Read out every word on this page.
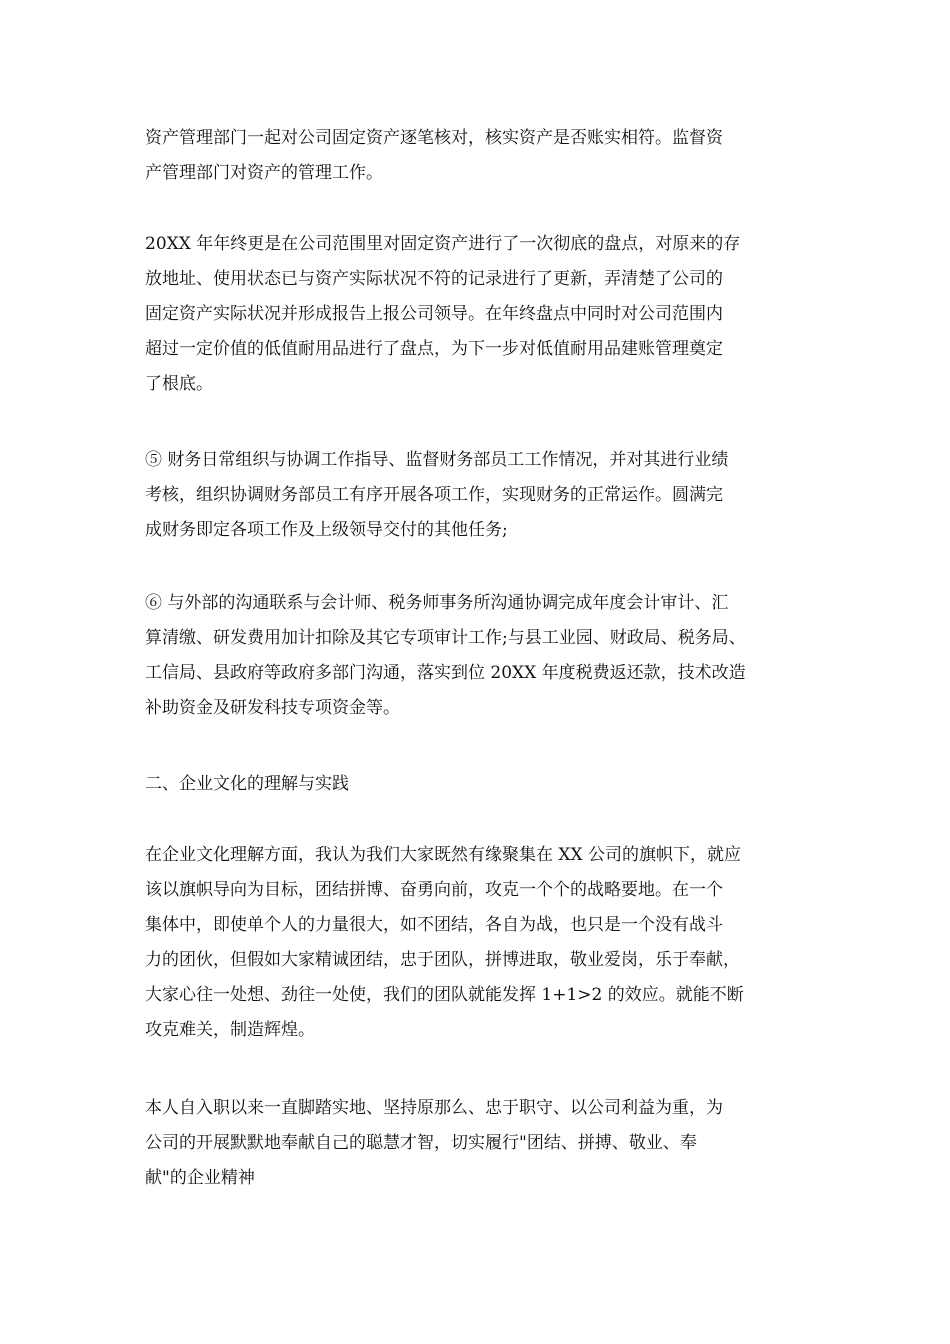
资产管理部门一起对公司固定资产逐笔核对，核实资产是否账实相符。监督资
产管理部门对资产的管理工作。
20XX 年年终更是在公司范围里对固定资产进行了一次彻底的盘点，对原来的存
放地址、使用状态已与资产实际状况不符的记录进行了更新，弄清楚了公司的
固定资产实际状况并形成报告上报公司领导。在年终盘点中同时对公司范围内
超过一定价值的低值耐用品进行了盘点，为下一步对低值耐用品建账管理奠定
了根底。
⑤ 财务日常组织与协调工作指导、监督财务部员工工作情况，并对其进行业绩
考核，组织协调财务部员工有序开展各项工作，实现财务的正常运作。圆满完
成财务即定各项工作及上级领导交付的其他任务;
⑥ 与外部的沟通联系与会计师、税务师事务所沟通协调完成年度会计审计、汇
算清缴、研发费用加计扣除及其它专项审计工作;与县工业园、财政局、税务局、
工信局、县政府等政府多部门沟通，落实到位 20XX 年度税费返还款，技术改造
补助资金及研发科技专项资金等。
二、企业文化的理解与实践
在企业文化理解方面，我认为我们大家既然有缘聚集在 XX 公司的旗帜下，就应
该以旗帜导向为目标，团结拼博、奋勇向前，攻克一个个的战略要地。在一个
集体中，即使单个人的力量很大，如不团结，各自为战，也只是一个没有战斗
力的团伙，但假如大家精诚团结，忠于团队，拼博进取，敬业爱岗，乐于奉献，
大家心往一处想、劲往一处使，我们的团队就能发挥 1+1>2 的效应。就能不断
攻克难关，制造辉煌。
本人自入职以来一直脚踏实地、坚持原那么、忠于职守、以公司利益为重，为
公司的开展默默地奉献自己的聪慧才智，切实履行"团结、拼搏、敬业、奉
献"的企业精神
